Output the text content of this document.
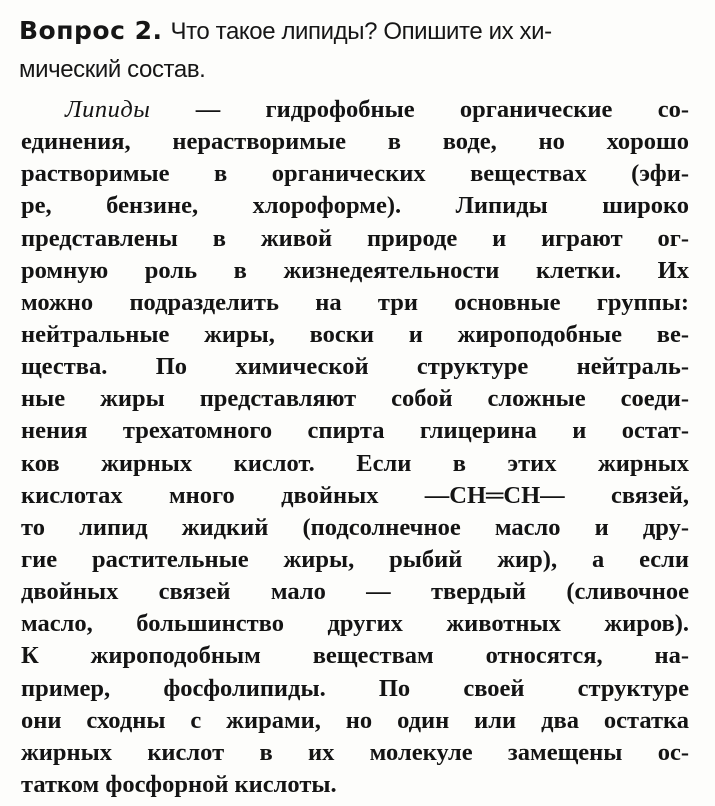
Вопрос 2. Что такое липиды? Опишите их хи-
мический состав.
Липиды — гидрофобные органические со-
единения, нерастворимые в воде, но хорошо
растворимые в органических веществах (эфи-
ре, бензине, хлороформе). Липиды широко
представлены в живой природе и играют ог-
ромную роль в жизнедеятельности клетки. Их
можно подразделить на три основные группы:
нейтральные жиры, воски и жироподобные ве-
щества. По химической структуре нейтраль-
ные жиры представляют собой сложные соеди-
нения трехатомного спирта глицерина и остат-
ков жирных кислот. Если в этих жирных
кислотах много двойных —СН═СН— связей,
то липид жидкий (подсолнечное масло и дру-
гие растительные жиры, рыбий жир), а если
двойных связей мало — твердый (сливочное
масло, большинство других животных жиров).
К жироподобным веществам относятся, на-
пример, фосфолипиды. По своей структуре
они сходны с жирами, но один или два остатка
жирных кислот в их молекуле замещены ос-
татком фосфорной кислоты.
